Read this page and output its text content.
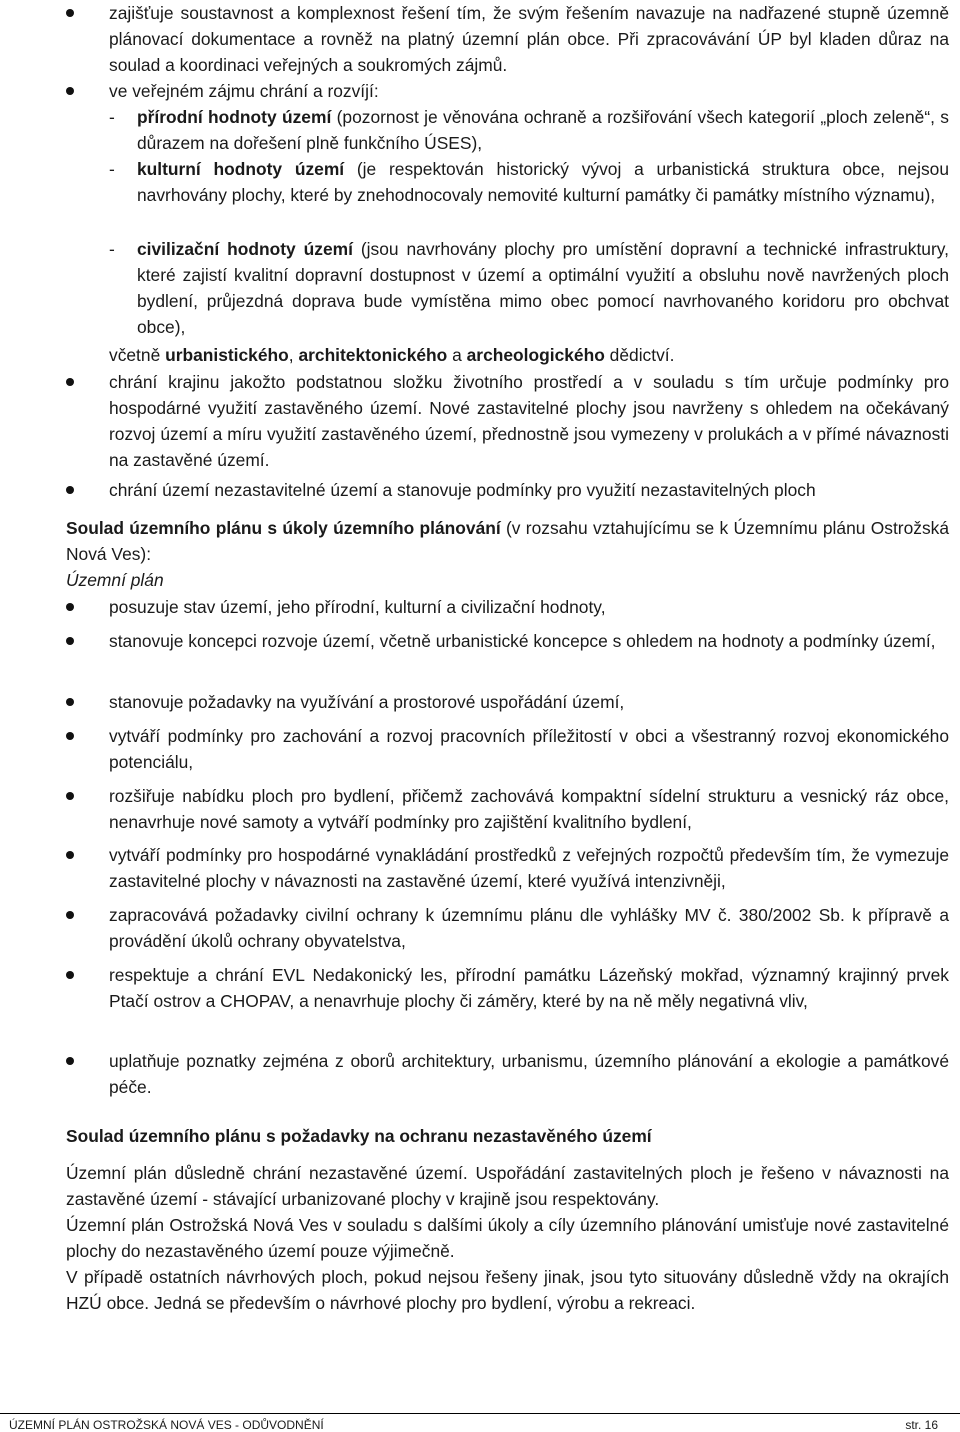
zajišťuje soustavnost a komplexnost řešení tím, že svým řešením navazuje na nadřazené stupně územně plánovací dokumentace a rovněž na platný územní plán obce. Při zpracovávání ÚP byl kladen důraz na soulad a koordinaci veřejných a soukromých zájmů.

ve veřejném zájmu chrání a rozvíjí:

- přírodní hodnoty území (pozornost je věnována ochraně a rozšiřování všech kategorií „ploch zeleně“, s důrazem na dořešení plně funkčního ÚSES),
- kulturní hodnoty území (je respektován historický vývoj a urbanistická struktura obce, nejsou navrhovány plochy, které by znehodnocovaly nemovité kulturní památky či památky místního významu),
- civilizační hodnoty území (jsou navrhovány plochy pro umístění dopravní a technické infrastruktury, které zajistí kvalitní dopravní dostupnost v území a optimální využití a obsluhu nově navržených ploch bydlení, průjezdná doprava bude vymístěna mimo obec pomocí navrhovaného koridoru pro obchvat obce),
včetně urbanistického, architektonického a archeologického dědictví.

chrání krajinu jakožto podstatnou složku životního prostředí a v souladu s tím určuje podmínky pro hospodárné využití zastavěného území. Nové zastavitelné plochy jsou navrženy s ohledem na očekávaný rozvoj území a míru využití zastavěného území, přednostně jsou vymezeny v prolukách a v přímé návaznosti na zastavěné území.

chrání území nezastavitelné území a stanovuje podmínky pro využití nezastavitelných ploch

Soulad územního plánu s úkoly územního plánování (v rozsahu vztahujícímu se k Územnímu plánu Ostrožská Nová Ves):
Územní plán

posuzuje stav území, jeho přírodní, kulturní a civilizační hodnoty,

stanovuje koncepci rozvoje území, včetně urbanistické koncepce s ohledem na hodnoty a podmínky území,

stanovuje požadavky na využívání a prostorové uspořádání území,

vytváří podmínky pro zachování a rozvoj pracovních příležitostí v obci a všestranný rozvoj ekonomického potenciálu,

rozšiřuje nabídku ploch pro bydlení, přičemž zachovává kompaktní sídelní strukturu a vesnický ráz obce, nenavrhuje nové samoty a vytváří podmínky pro zajištění kvalitního bydlení,

vytváří podmínky pro hospodárné vynakládání prostředků z veřejných rozpočtů především tím, že vymezuje zastavitelné plochy v návaznosti na zastavěné území, které využívá intenzivněji,

zapracovává požadavky civilní ochrany k územnímu plánu dle vyhlášky MV č. 380/2002 Sb. k přípravě a provádění úkolů ochrany obyvatelstva,

respektuje a chrání EVL Nedakonický les, přírodní památku Lázeňský mokřad, významný krajinný prvek Ptačí ostrov a CHOPAV, a nenavrhuje plochy či záměry, které by na ně měly negativná vliv,

uplatňuje poznatky zejména z oborů architektury, urbanismu, územního plánování a ekologie a památkové péče.

Soulad územního plánu s požadavky na ochranu nezastavěného území

Územní plán důsledně chrání nezastavěné území. Uspořádání zastavitelných ploch je řešeno v návaznosti na zastavěné území - stávající urbanizované plochy v krajině jsou respektovány.

Územní plán Ostrožská Nová Ves v souladu s dalšími úkoly a cíly územního plánování umisťuje nové zastavitelné plochy do nezastavěného území pouze výjimečně.

V případě ostatních návrhových ploch, pokud nejsou řešeny jinak, jsou tyto situovány důsledně vždy na okrajích HZÚ obce. Jedná se především o návrhové plochy pro bydlení, výrobu a rekreaci.

ÚZEMNÍ PLÁN OSTROŽSKÁ NOVÁ VES - ODŮVODNĚNÍ	str. 16
